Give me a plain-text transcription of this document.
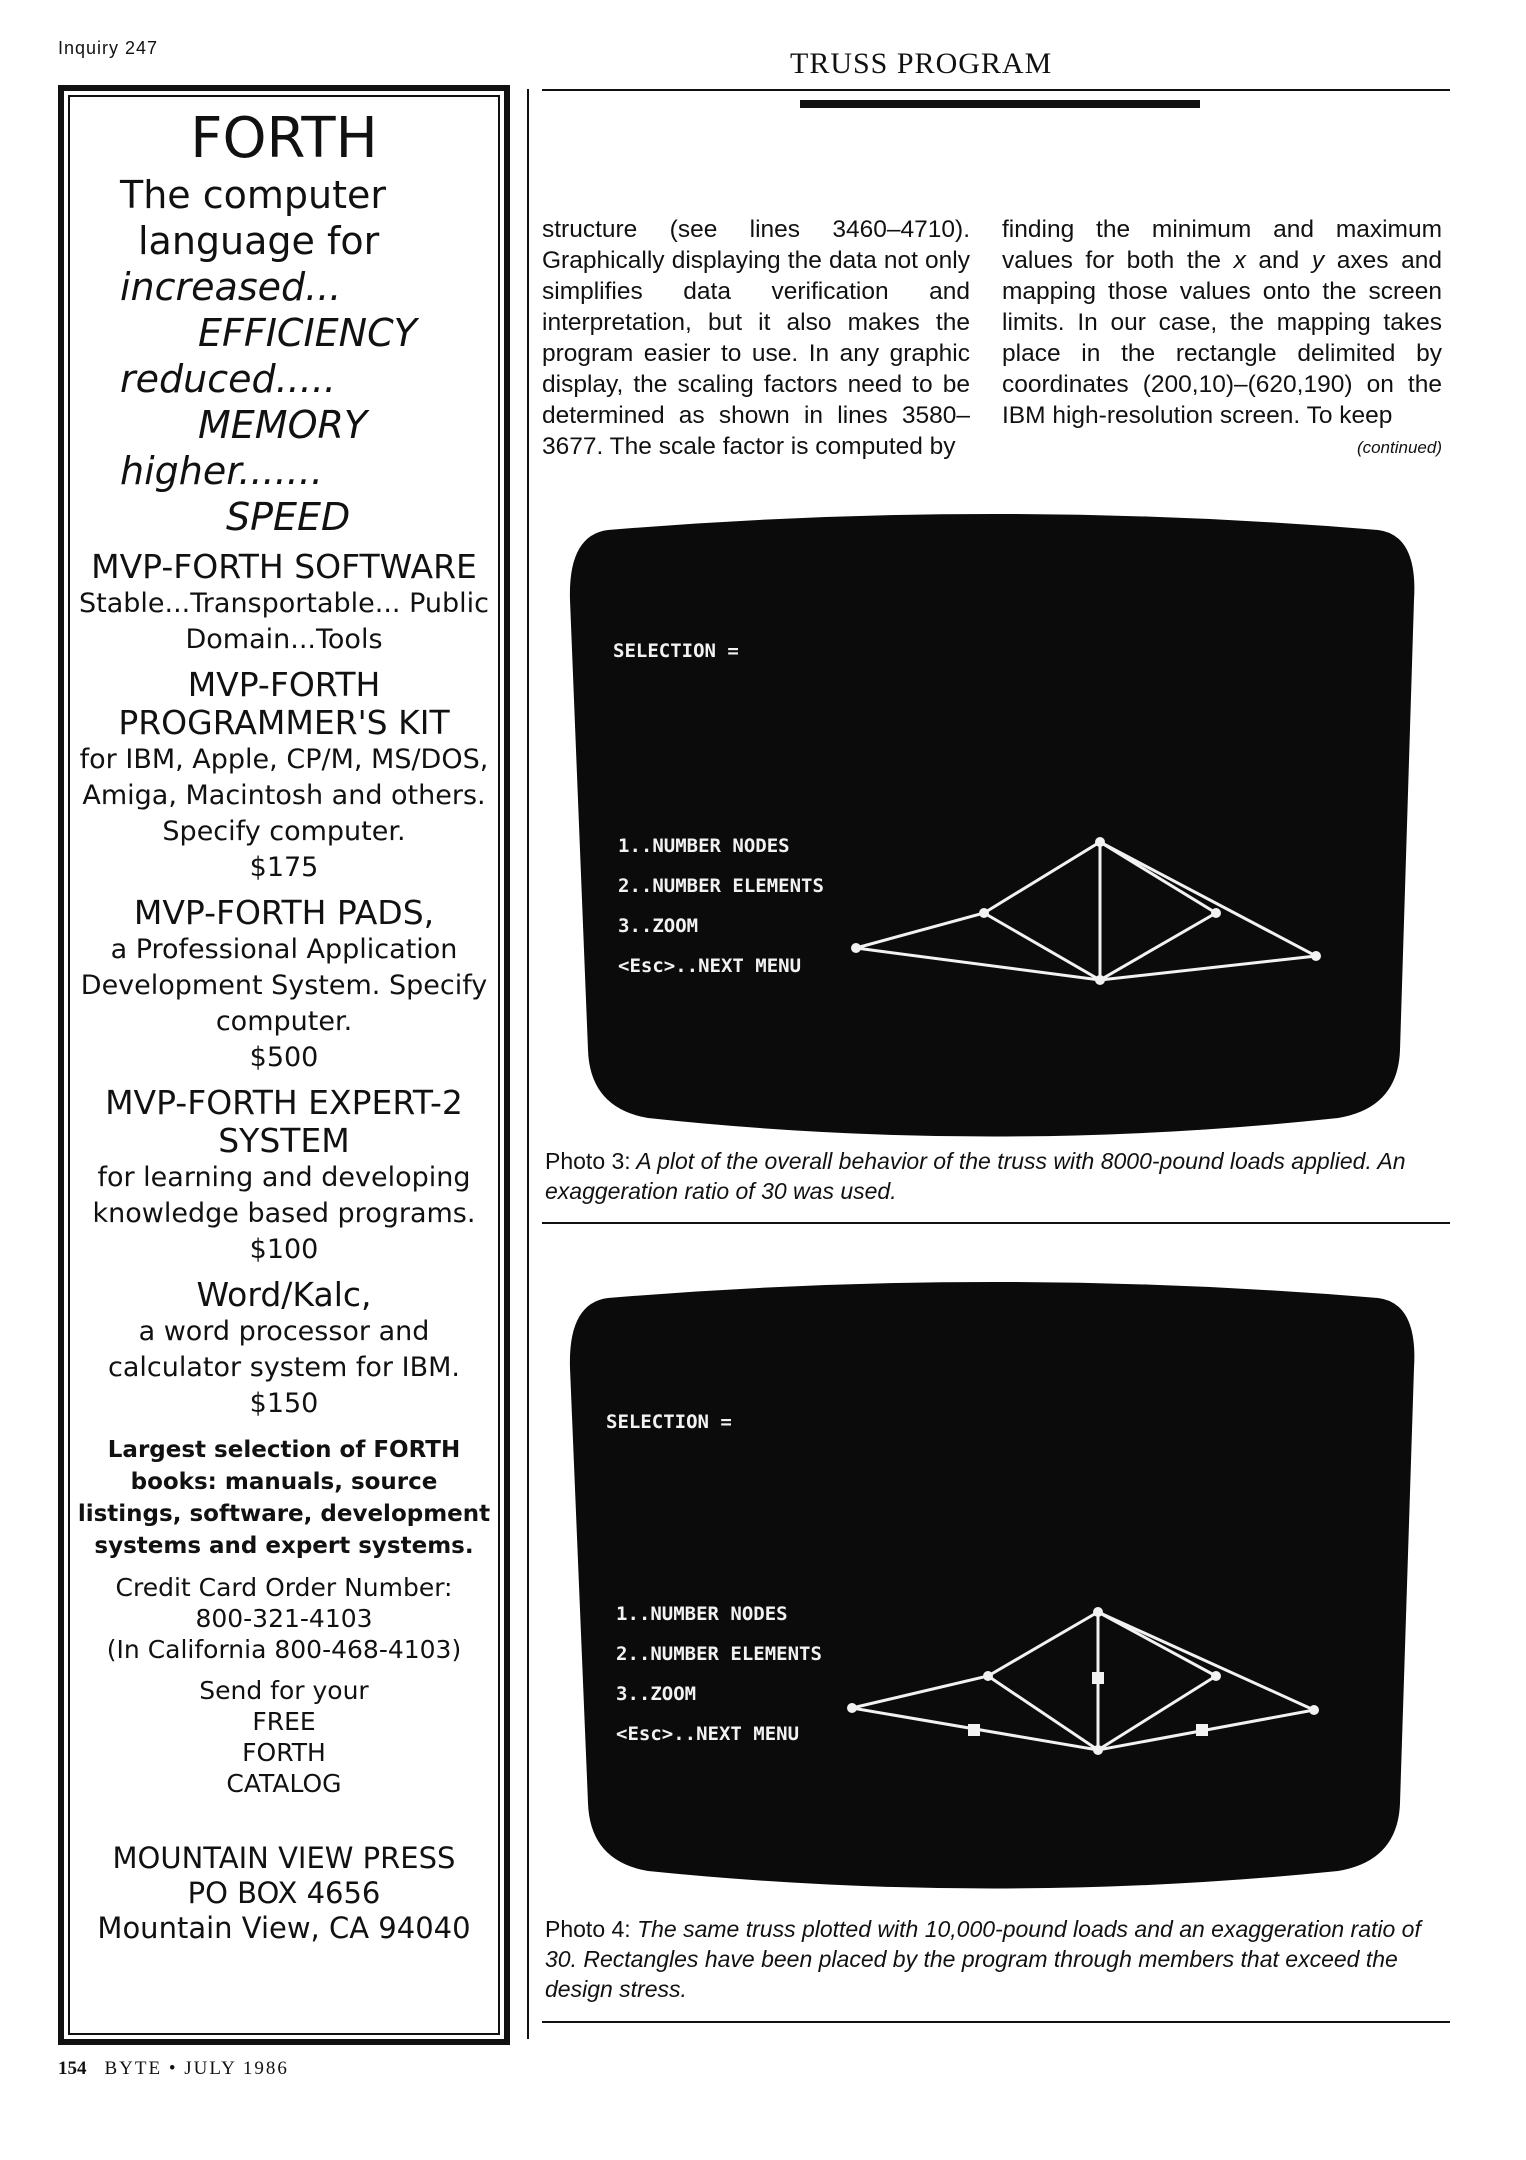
Inquiry 247	TRUSS PROGRAM
FORTH
The computer
language for
increased...
EFFICIENCY
reduced.....
MEMORY
higher.......
SPEED
MVP-FORTH SOFTWARE

Stable...Transportable... Public Domain...Tools

MVP-FORTH PROGRAMMER'S KIT

for IBM, Apple, CP/M, MS/DOS, Amiga, Macintosh and others. Specify computer.

$175

MVP-FORTH PADS,

a Professional Application Development System. Specify computer.

$500

MVP-FORTH EXPERT-2 SYSTEM

for learning and developing knowledge based programs.

$100

Word/Kalc,

a word processor and calculator system for IBM.

$150

Largest selection of FORTH books: manuals, source listings, software, development systems and expert systems.

Credit Card Order Number:

800-321-4103

(In California 800-468-4103)

Send for your

FREE

FORTH

CATALOG

MOUNTAIN VIEW PRESS

PO BOX 4656

Mountain View, CA 94040

structure (see lines 3460–4710). Graphically displaying the data not only simplifies data verification and interpretation, but it also makes the program easier to use. In any graphic display, the scaling factors need to be determined as shown in lines 3580–3677. The scale factor is computed by
finding the minimum and maximum values for both the x and y axes and mapping those values onto the screen limits. In our case, the mapping takes place in the rectangle delimited by coordinates (200,10)–(620,190) on the IBM high-resolution screen. To keep
(continued)
SELECTION =
1..NUMBER NODES
2..NUMBER ELEMENTS
3..ZOOM
<Esc>..NEXT MENU
Photo 3: A plot of the overall behavior of the truss with 8000-pound loads applied. An exaggeration ratio of 30 was used.
SELECTION =
1..NUMBER NODES
2..NUMBER ELEMENTS
3..ZOOM
<Esc>..NEXT MENU
Photo 4: The same truss plotted with 10,000-pound loads and an exaggeration ratio of 30. Rectangles have been placed by the program through members that exceed the design stress.
154 BYTE • JULY 1986
